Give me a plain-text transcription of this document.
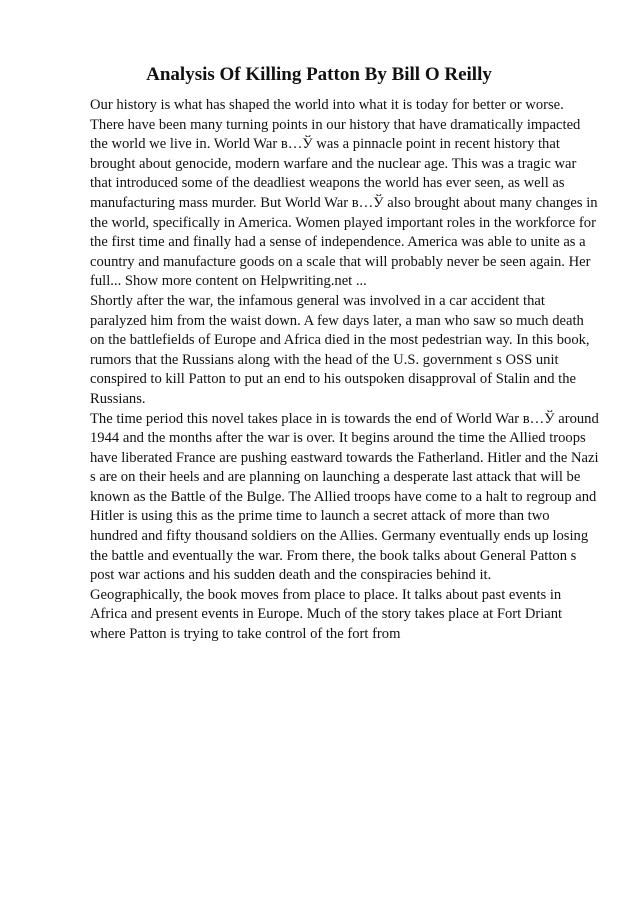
Analysis Of Killing Patton By Bill O Reilly

Our history is what has shaped the world into what it is today for better or worse. There have been many turning points in our history that have dramatically impacted the world we live in. World War в…Ў was a pinnacle point in recent history that brought about genocide, modern warfare and the nuclear age. This was a tragic war that introduced some of the deadliest weapons the world has ever seen, as well as manufacturing mass murder. But World War в…Ў also brought about many changes in the world, specifically in America. Women played important roles in the workforce for the first time and finally had a sense of independence. America was able to unite as a country and manufacture goods on a scale that will probably never be seen again. Her full... Show more content on Helpwriting.net ...

Shortly after the war, the infamous general was involved in a car accident that paralyzed him from the waist down. A few days later, a man who saw so much death on the battlefields of Europe and Africa died in the most pedestrian way. In this book, rumors that the Russians along with the head of the U.S. government s OSS unit conspired to kill Patton to put an end to his outspoken disapproval of Stalin and the Russians.

The time period this novel takes place in is towards the end of World War в…Ў around 1944 and the months after the war is over. It begins around the time the Allied troops have liberated France are pushing eastward towards the Fatherland. Hitler and the Nazi s are on their heels and are planning on launching a desperate last attack that will be known as the Battle of the Bulge. The Allied troops have come to a halt to regroup and Hitler is using this as the prime time to launch a secret attack of more than two hundred and fifty thousand soldiers on the Allies. Germany eventually ends up losing the battle and eventually the war. From there, the book talks about General Patton s post war actions and his sudden death and the conspiracies behind it.

Geographically, the book moves from place to place. It talks about past events in Africa and present events in Europe. Much of the story takes place at Fort Driant where Patton is trying to take control of the fort from
